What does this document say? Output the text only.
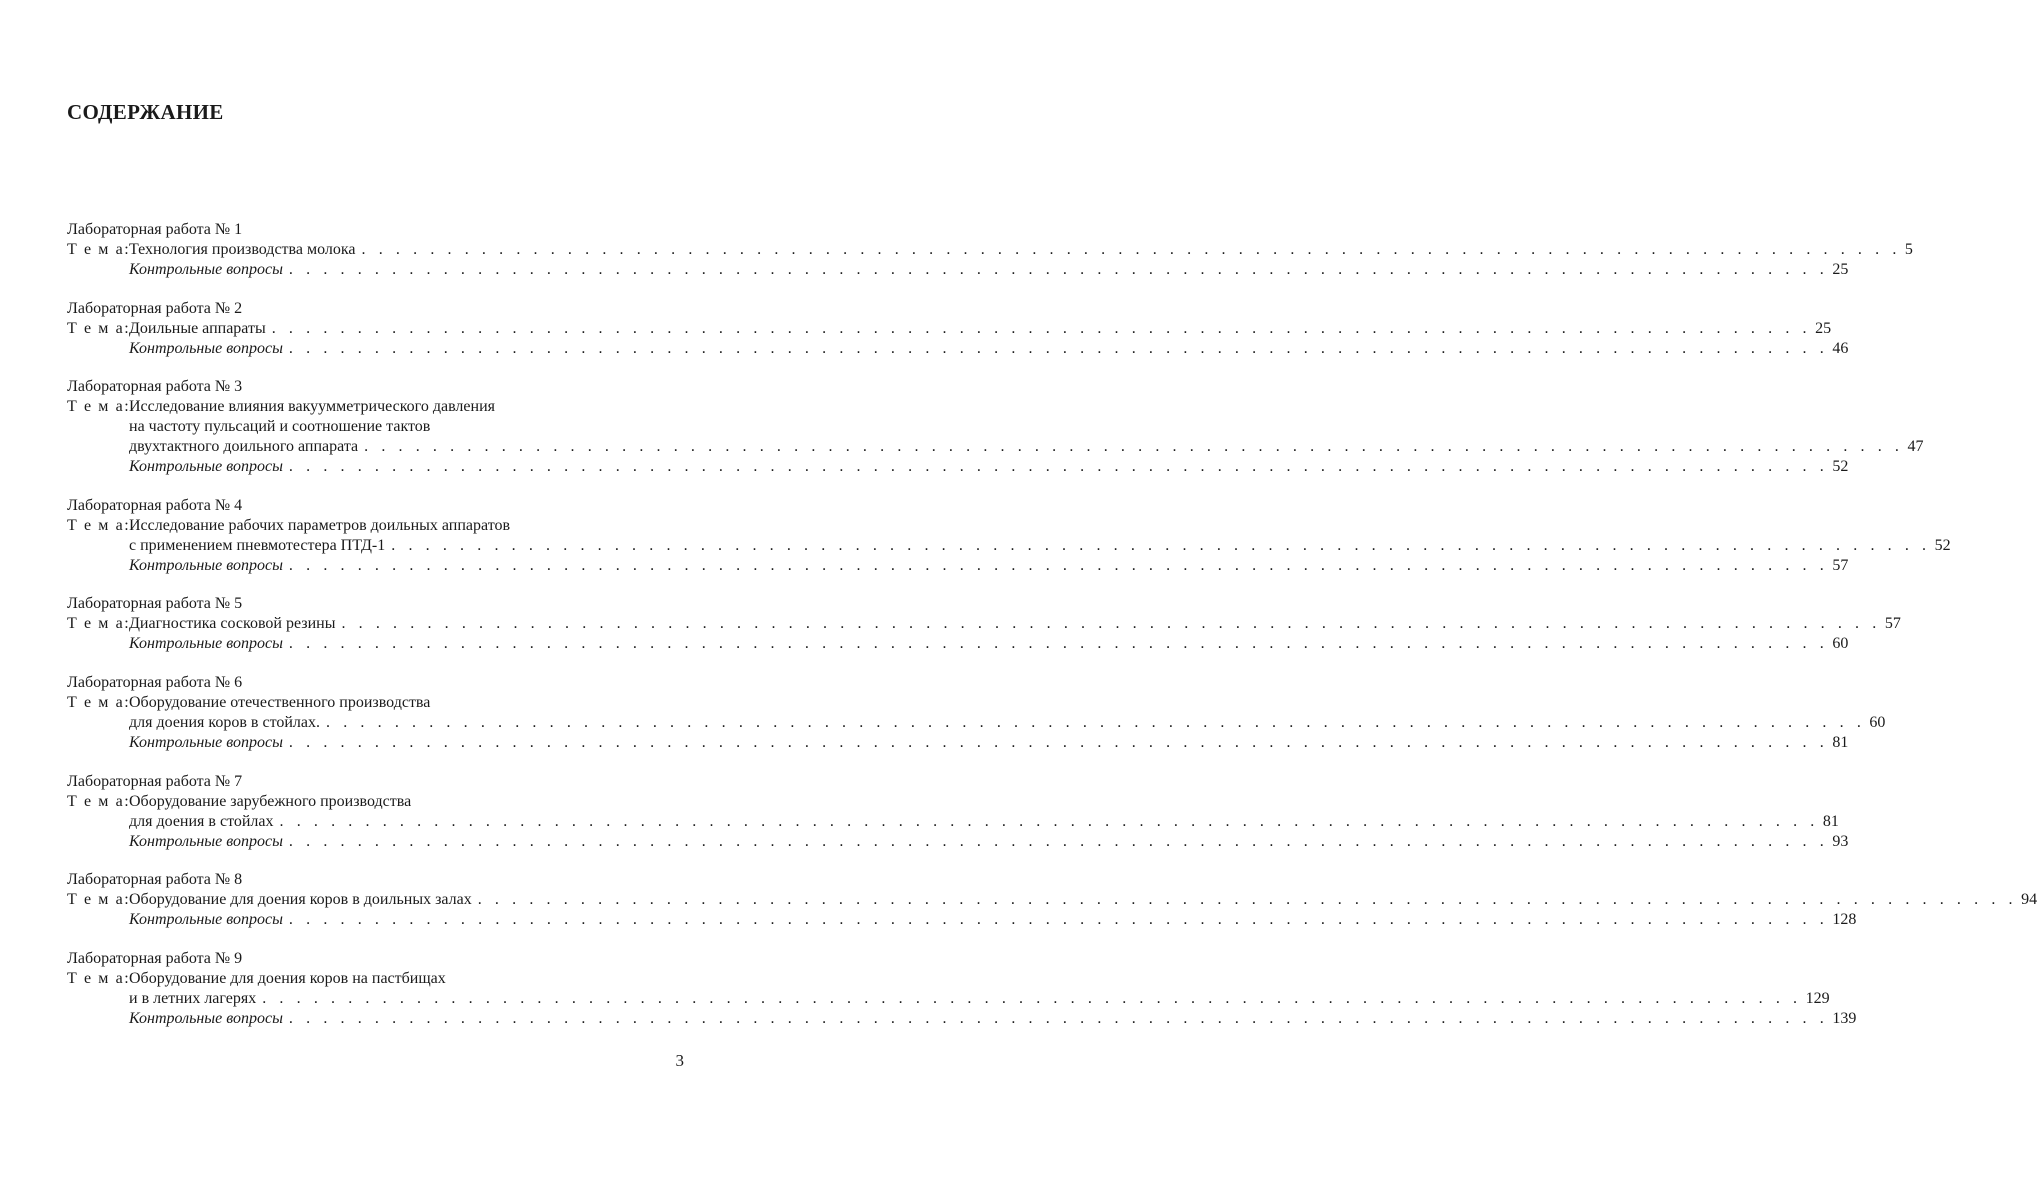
СОДЕРЖАНИЕ
Лабораторная работа № 1
Т е м а:
Технология производства молока . . . . . . . . . . . . . . . . . . . . . . . . . . . . . . . . . . . . . . . . . . . . . . . . . . . . . . . . . . . . . . . . . . . . . . . . . . . . . . . . . . . . . . . . . . 5
Контрольные вопросы . . . . . . . . . . . . . . . . . . . . . . . . . . . . . . . . . . . . . . . . . . . . . . . . . . . . . . . . . . . . . . . . . . . . . . . . . . . . . . . . . . . . . . . . . . 25
Лабораторная работа № 2
Т е м а:
Доильные аппараты . . . . . . . . . . . . . . . . . . . . . . . . . . . . . . . . . . . . . . . . . . . . . . . . . . . . . . . . . . . . . . . . . . . . . . . . . . . . . . . . . . . . . . . . . . 25
Контрольные вопросы . . . . . . . . . . . . . . . . . . . . . . . . . . . . . . . . . . . . . . . . . . . . . . . . . . . . . . . . . . . . . . . . . . . . . . . . . . . . . . . . . . . . . . . . . . 46
Лабораторная работа № 3
Т е м а:
Исследование влияния вакуумметрического давления
на частоту пульсаций и соотношение тактов
двухтактного доильного аппарата . . . . . . . . . . . . . . . . . . . . . . . . . . . . . . . . . . . . . . . . . . . . . . . . . . . . . . . . . . . . . . . . . . . . . . . . . . . . . . . . . . . . . . . . . . 47
Контрольные вопросы . . . . . . . . . . . . . . . . . . . . . . . . . . . . . . . . . . . . . . . . . . . . . . . . . . . . . . . . . . . . . . . . . . . . . . . . . . . . . . . . . . . . . . . . . . 52
Лабораторная работа № 4
Т е м а:
Исследование рабочих параметров доильных аппаратов
с применением пневмотестера ПТД-1 . . . . . . . . . . . . . . . . . . . . . . . . . . . . . . . . . . . . . . . . . . . . . . . . . . . . . . . . . . . . . . . . . . . . . . . . . . . . . . . . . . . . . . . . . . 52
Контрольные вопросы . . . . . . . . . . . . . . . . . . . . . . . . . . . . . . . . . . . . . . . . . . . . . . . . . . . . . . . . . . . . . . . . . . . . . . . . . . . . . . . . . . . . . . . . . . 57
Лабораторная работа № 5
Т е м а:
Диагностика сосковой резины . . . . . . . . . . . . . . . . . . . . . . . . . . . . . . . . . . . . . . . . . . . . . . . . . . . . . . . . . . . . . . . . . . . . . . . . . . . . . . . . . . . . . . . . . . 57
Контрольные вопросы . . . . . . . . . . . . . . . . . . . . . . . . . . . . . . . . . . . . . . . . . . . . . . . . . . . . . . . . . . . . . . . . . . . . . . . . . . . . . . . . . . . . . . . . . . 60
Лабораторная работа № 6
Т е м а:
Оборудование отечественного производства
для доения коров в стойлах. . . . . . . . . . . . . . . . . . . . . . . . . . . . . . . . . . . . . . . . . . . . . . . . . . . . . . . . . . . . . . . . . . . . . . . . . . . . . . . . . . . . . . . . . . . 60
Контрольные вопросы . . . . . . . . . . . . . . . . . . . . . . . . . . . . . . . . . . . . . . . . . . . . . . . . . . . . . . . . . . . . . . . . . . . . . . . . . . . . . . . . . . . . . . . . . . 81
Лабораторная работа № 7
Т е м а:
Оборудование зарубежного производства
для доения в стойлах . . . . . . . . . . . . . . . . . . . . . . . . . . . . . . . . . . . . . . . . . . . . . . . . . . . . . . . . . . . . . . . . . . . . . . . . . . . . . . . . . . . . . . . . . . 81
Контрольные вопросы . . . . . . . . . . . . . . . . . . . . . . . . . . . . . . . . . . . . . . . . . . . . . . . . . . . . . . . . . . . . . . . . . . . . . . . . . . . . . . . . . . . . . . . . . . 93
Лабораторная работа № 8
Т е м а:
Оборудование для доения коров в доильных залах . . . . . . . . . . . . . . . . . . . . . . . . . . . . . . . . . . . . . . . . . . . . . . . . . . . . . . . . . . . . . . . . . . . . . . . . . . . . . . . . . . . . . . . . . . 94
Контрольные вопросы . . . . . . . . . . . . . . . . . . . . . . . . . . . . . . . . . . . . . . . . . . . . . . . . . . . . . . . . . . . . . . . . . . . . . . . . . . . . . . . . . . . . . . . . . . 128
Лабораторная работа № 9
Т е м а:
Оборудование для доения коров на пастбищах
и в летних лагерях . . . . . . . . . . . . . . . . . . . . . . . . . . . . . . . . . . . . . . . . . . . . . . . . . . . . . . . . . . . . . . . . . . . . . . . . . . . . . . . . . . . . . . . . . . 129
Контрольные вопросы . . . . . . . . . . . . . . . . . . . . . . . . . . . . . . . . . . . . . . . . . . . . . . . . . . . . . . . . . . . . . . . . . . . . . . . . . . . . . . . . . . . . . . . . . . 139
3
